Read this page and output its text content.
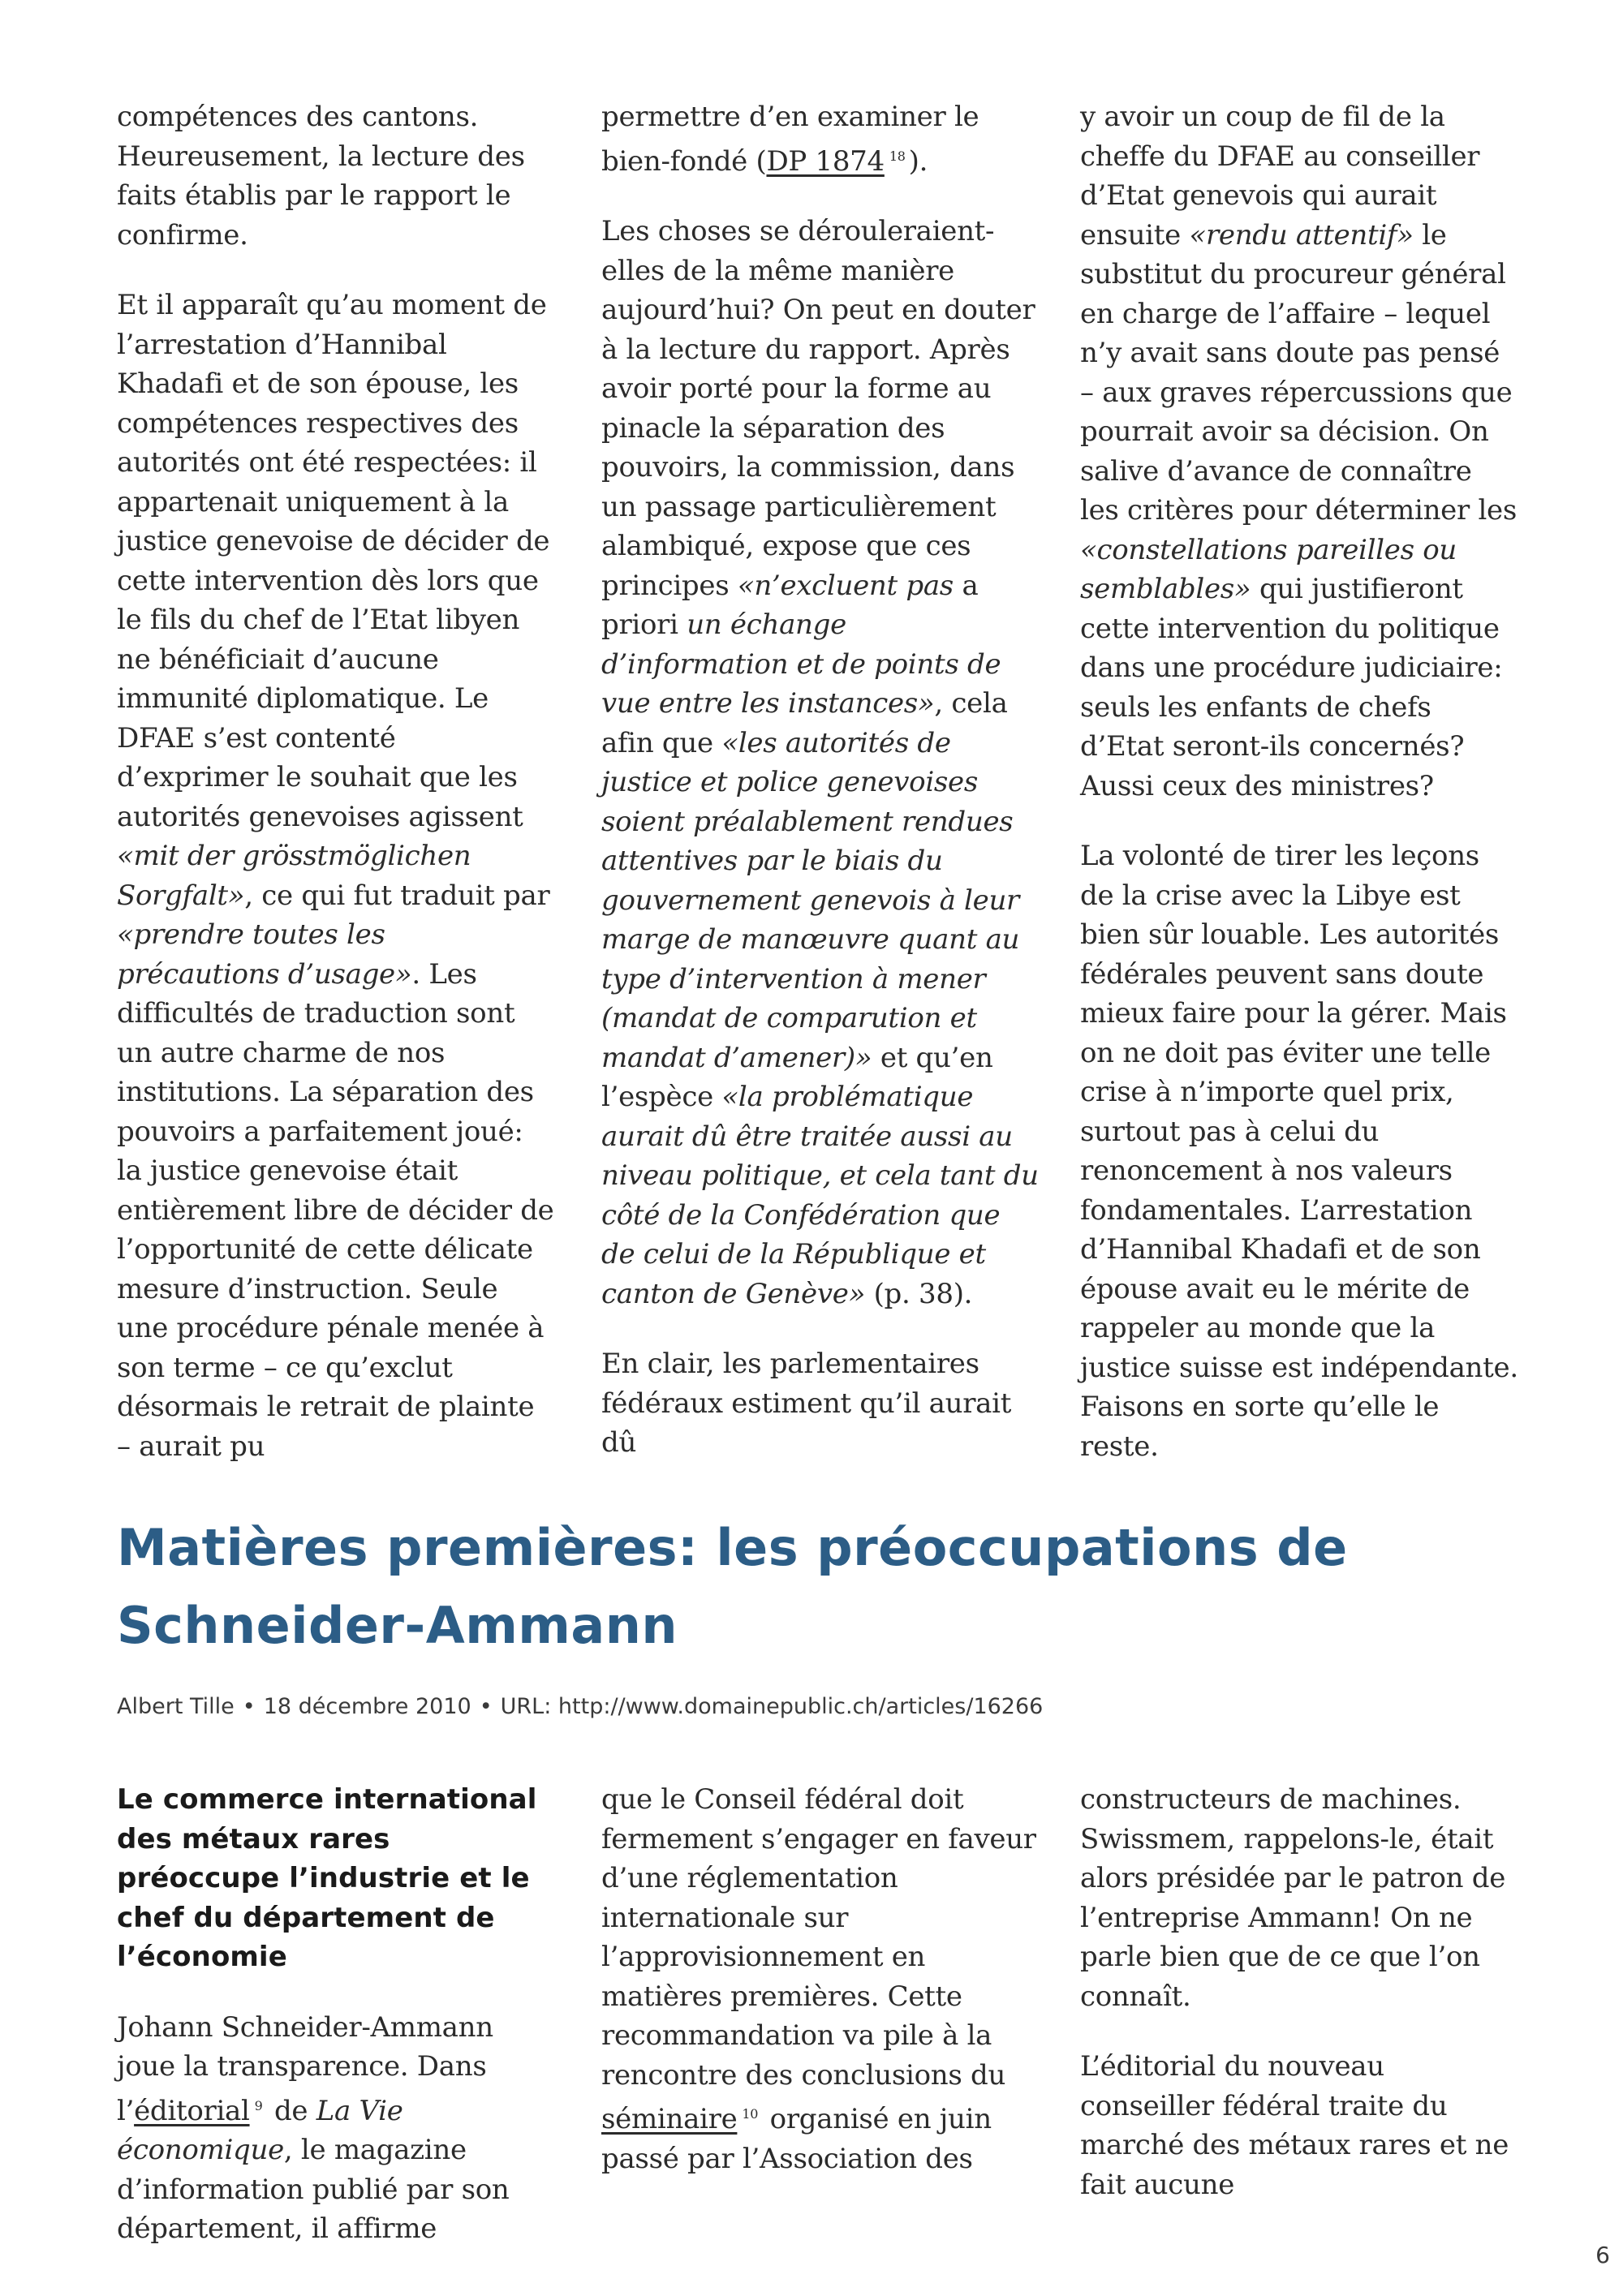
compétences des cantons. Heureusement, la lecture des faits établis par le rapport le confirme.

Et il apparaît qu’au moment de l’arrestation d’Hannibal Khadafi et de son épouse, les compétences respectives des autorités ont été respectées: il appartenait uniquement à la justice genevoise de décider de cette intervention dès lors que le fils du chef de l’Etat libyen ne bénéficiait d’aucune immunité diplomatique. Le DFAE s’est contenté d’exprimer le souhait que les autorités genevoises agissent «mit der grösstmöglichen Sorgfalt», ce qui fut traduit par «prendre toutes les précautions d’usage». Les difficultés de traduction sont un autre charme de nos institutions. La séparation des pouvoirs a parfaitement joué: la justice genevoise était entièrement libre de décider de l’opportunité de cette délicate mesure d’instruction. Seule une procédure pénale menée à son terme – ce qu’exclut désormais le retrait de plainte – aurait pu

permettre d’en examiner le bien-fondé (DP 1874 $^{18}$ ).

Les choses se dérouleraient-elles de la même manière aujourd’hui? On peut en douter à la lecture du rapport. Après avoir porté pour la forme au pinacle la séparation des pouvoirs, la commission, dans un passage particulièrement alambiqué, expose que ces principes «n’excluent pas a priori un échange d’information et de points de vue entre les instances», cela afin que «les autorités de justice et police genevoises soient préalablement rendues attentives par le biais du gouvernement genevois à leur marge de manœuvre quant au type d’intervention à mener (mandat de comparution et mandat d’amener)» et qu’en l’espèce «la problématique aurait dû être traitée aussi au niveau politique, et cela tant du côté de la Confédération que de celui de la République et canton de Genève» (p. 38).

En clair, les parlementaires fédéraux estiment qu’il aurait dû

y avoir un coup de fil de la cheffe du DFAE au conseiller d’Etat genevois qui aurait ensuite «rendu attentif» le substitut du procureur général en charge de l’affaire – lequel n’y avait sans doute pas pensé – aux graves répercussions que pourrait avoir sa décision. On salive d’avance de connaître les critères pour déterminer les «constellations pareilles ou semblables» qui justifieront cette intervention du politique dans une procédure judiciaire: seuls les enfants de chefs d’Etat seront-ils concernés? Aussi ceux des ministres?

La volonté de tirer les leçons de la crise avec la Libye est bien sûr louable. Les autorités fédérales peuvent sans doute mieux faire pour la gérer. Mais on ne doit pas éviter une telle crise à n’importe quel prix, surtout pas à celui du renoncement à nos valeurs fondamentales. L’arrestation d’Hannibal Khadafi et de son épouse avait eu le mérite de rappeler au monde que la justice suisse est indépendante. Faisons en sorte qu’elle le reste.

Matières premières: les préoccupations de Schneider-Ammann
Albert Tille • 18 décembre 2010 • URL: http://www.domainepublic.ch/articles/16266

Le commerce international des métaux rares préoccupe l’industrie et le chef du département de l’économie

Johann Schneider-Ammann joue la transparence. Dans l’éditorial $^9$ de La Vie économique, le magazine d’information publié par son département, il affirme

que le Conseil fédéral doit fermement s’engager en faveur d’une réglementation internationale sur l’approvisionnement en matières premières. Cette recommandation va pile à la rencontre des conclusions du séminaire $^{10}$ organisé en juin passé par l’Association des

constructeurs de machines. Swissmem, rappelons-le, était alors présidée par le patron de l’entreprise Ammann! On ne parle bien que de ce que l’on connaît.

L’éditorial du nouveau conseiller fédéral traite du marché des métaux rares et ne fait aucune

6
